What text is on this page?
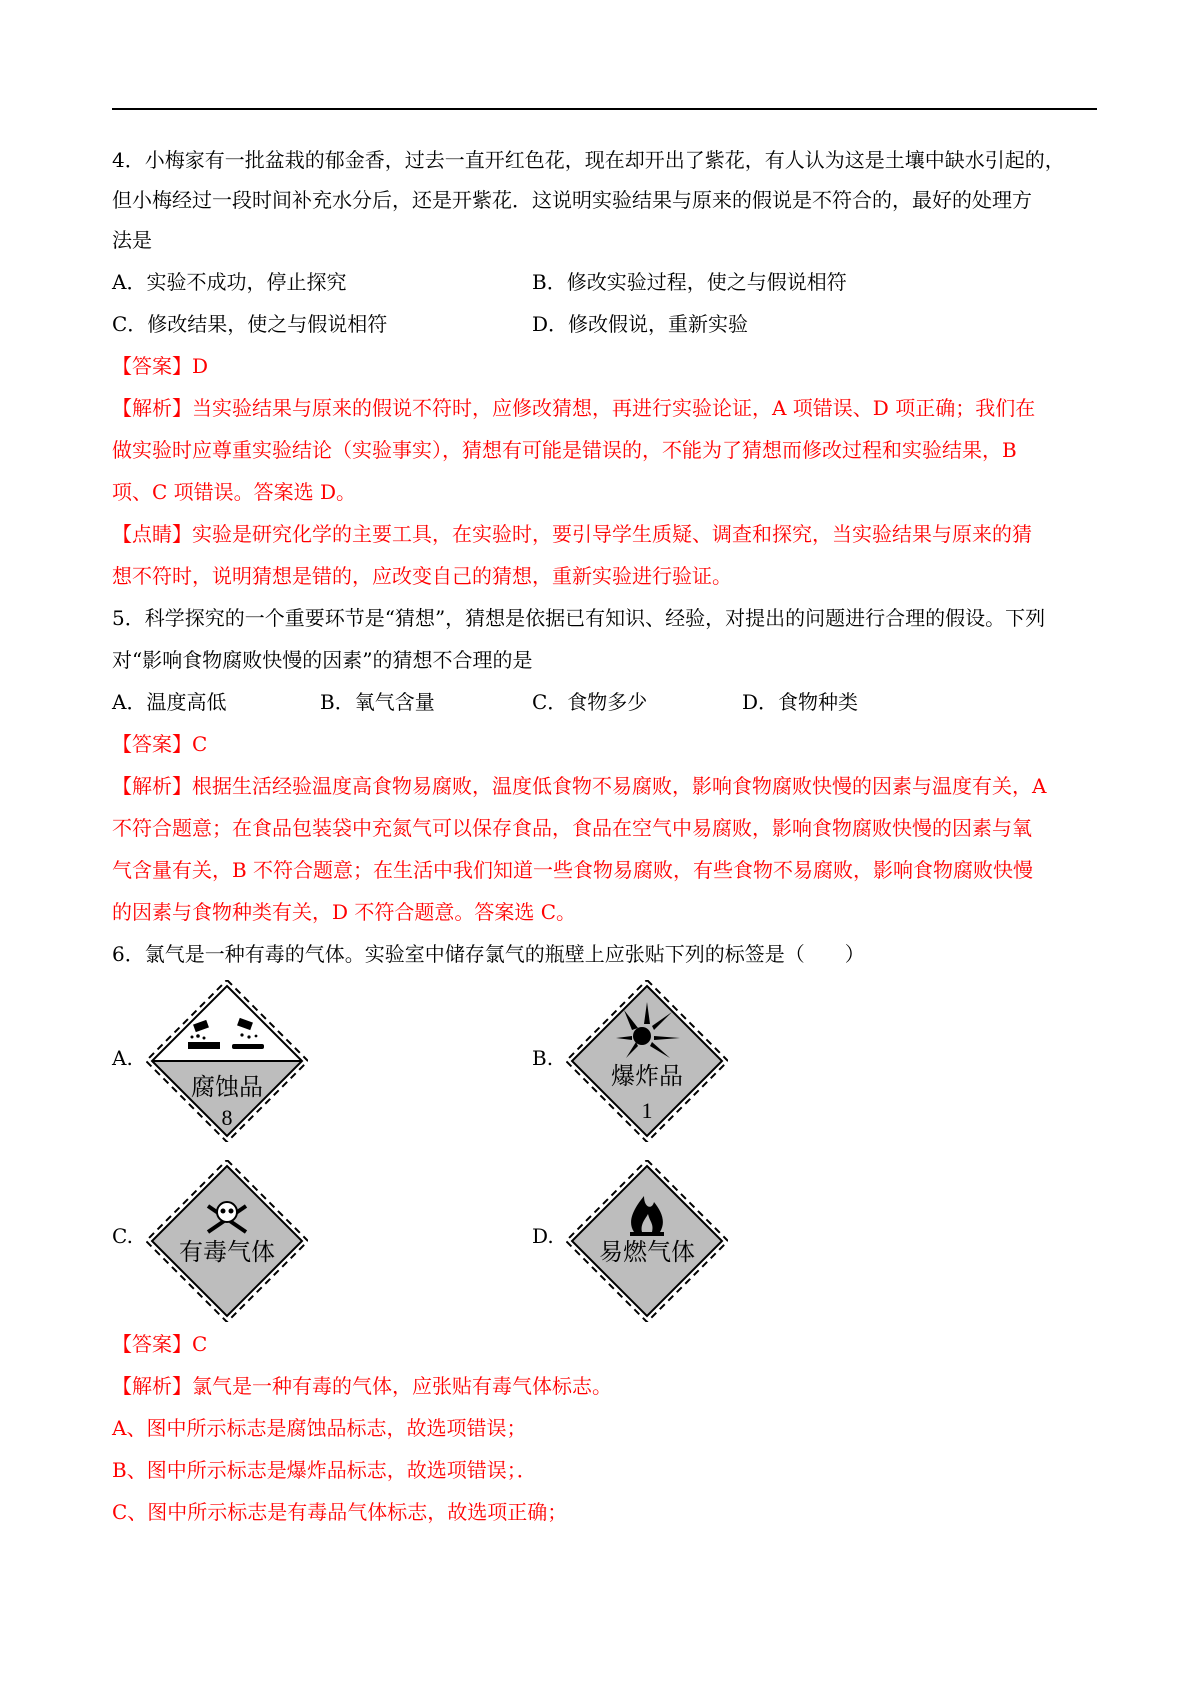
4．小梅家有一批盆栽的郁金香，过去一直开红色花，现在却开出了紫花，有人认为这是土壤中缺水引起的，
但小梅经过一段时间补充水分后，还是开紫花．这说明实验结果与原来的假说是不符合的，最好的处理方
法是
A．实验不成功，停止探究	B．修改实验过程，使之与假说相符
C．修改结果，使之与假说相符	D．修改假说，重新实验
【答案】D
【解析】当实验结果与原来的假说不符时，应修改猜想，再进行实验论证，A 项错误、D 项正确；我们在
做实验时应尊重实验结论（实验事实），猜想有可能是错误的，不能为了猜想而修改过程和实验结果，B
项、C 项错误。答案选 D。
【点睛】实验是研究化学的主要工具，在实验时，要引导学生质疑、调查和探究，当实验结果与原来的猜
想不符时，说明猜想是错的，应改变自己的猜想，重新实验进行验证。
5．科学探究的一个重要环节是“猜想”，猜想是依据已有知识、经验，对提出的问题进行合理的假设。下列
对“影响食物腐败快慢的因素”的猜想不合理的是
A．温度高低	B．氧气含量	C．食物多少	D．食物种类
【答案】C
【解析】根据生活经验温度高食物易腐败，温度低食物不易腐败，影响食物腐败快慢的因素与温度有关，A
不符合题意；在食品包装袋中充氮气可以保存食品，食品在空气中易腐败，影响食物腐败快慢的因素与氧
气含量有关，B 不符合题意；在生活中我们知道一些食物易腐败，有些食物不易腐败，影响食物腐败快慢
的因素与食物种类有关，D 不符合题意。答案选 C。
6．氯气是一种有毒的气体。实验室中储存氯气的瓶壁上应张贴下列的标签是（　　）
A.
腐蚀品
8
B.
爆炸品
1
C.
有毒气体
D.
易燃气体
【答案】C
【解析】氯气是一种有毒的气体，应张贴有毒气体标志。
A、图中所示标志是腐蚀品标志，故选项错误；
B、图中所示标志是爆炸品标志，故选项错误；．
C、图中所示标志是有毒品气体标志，故选项正确；
